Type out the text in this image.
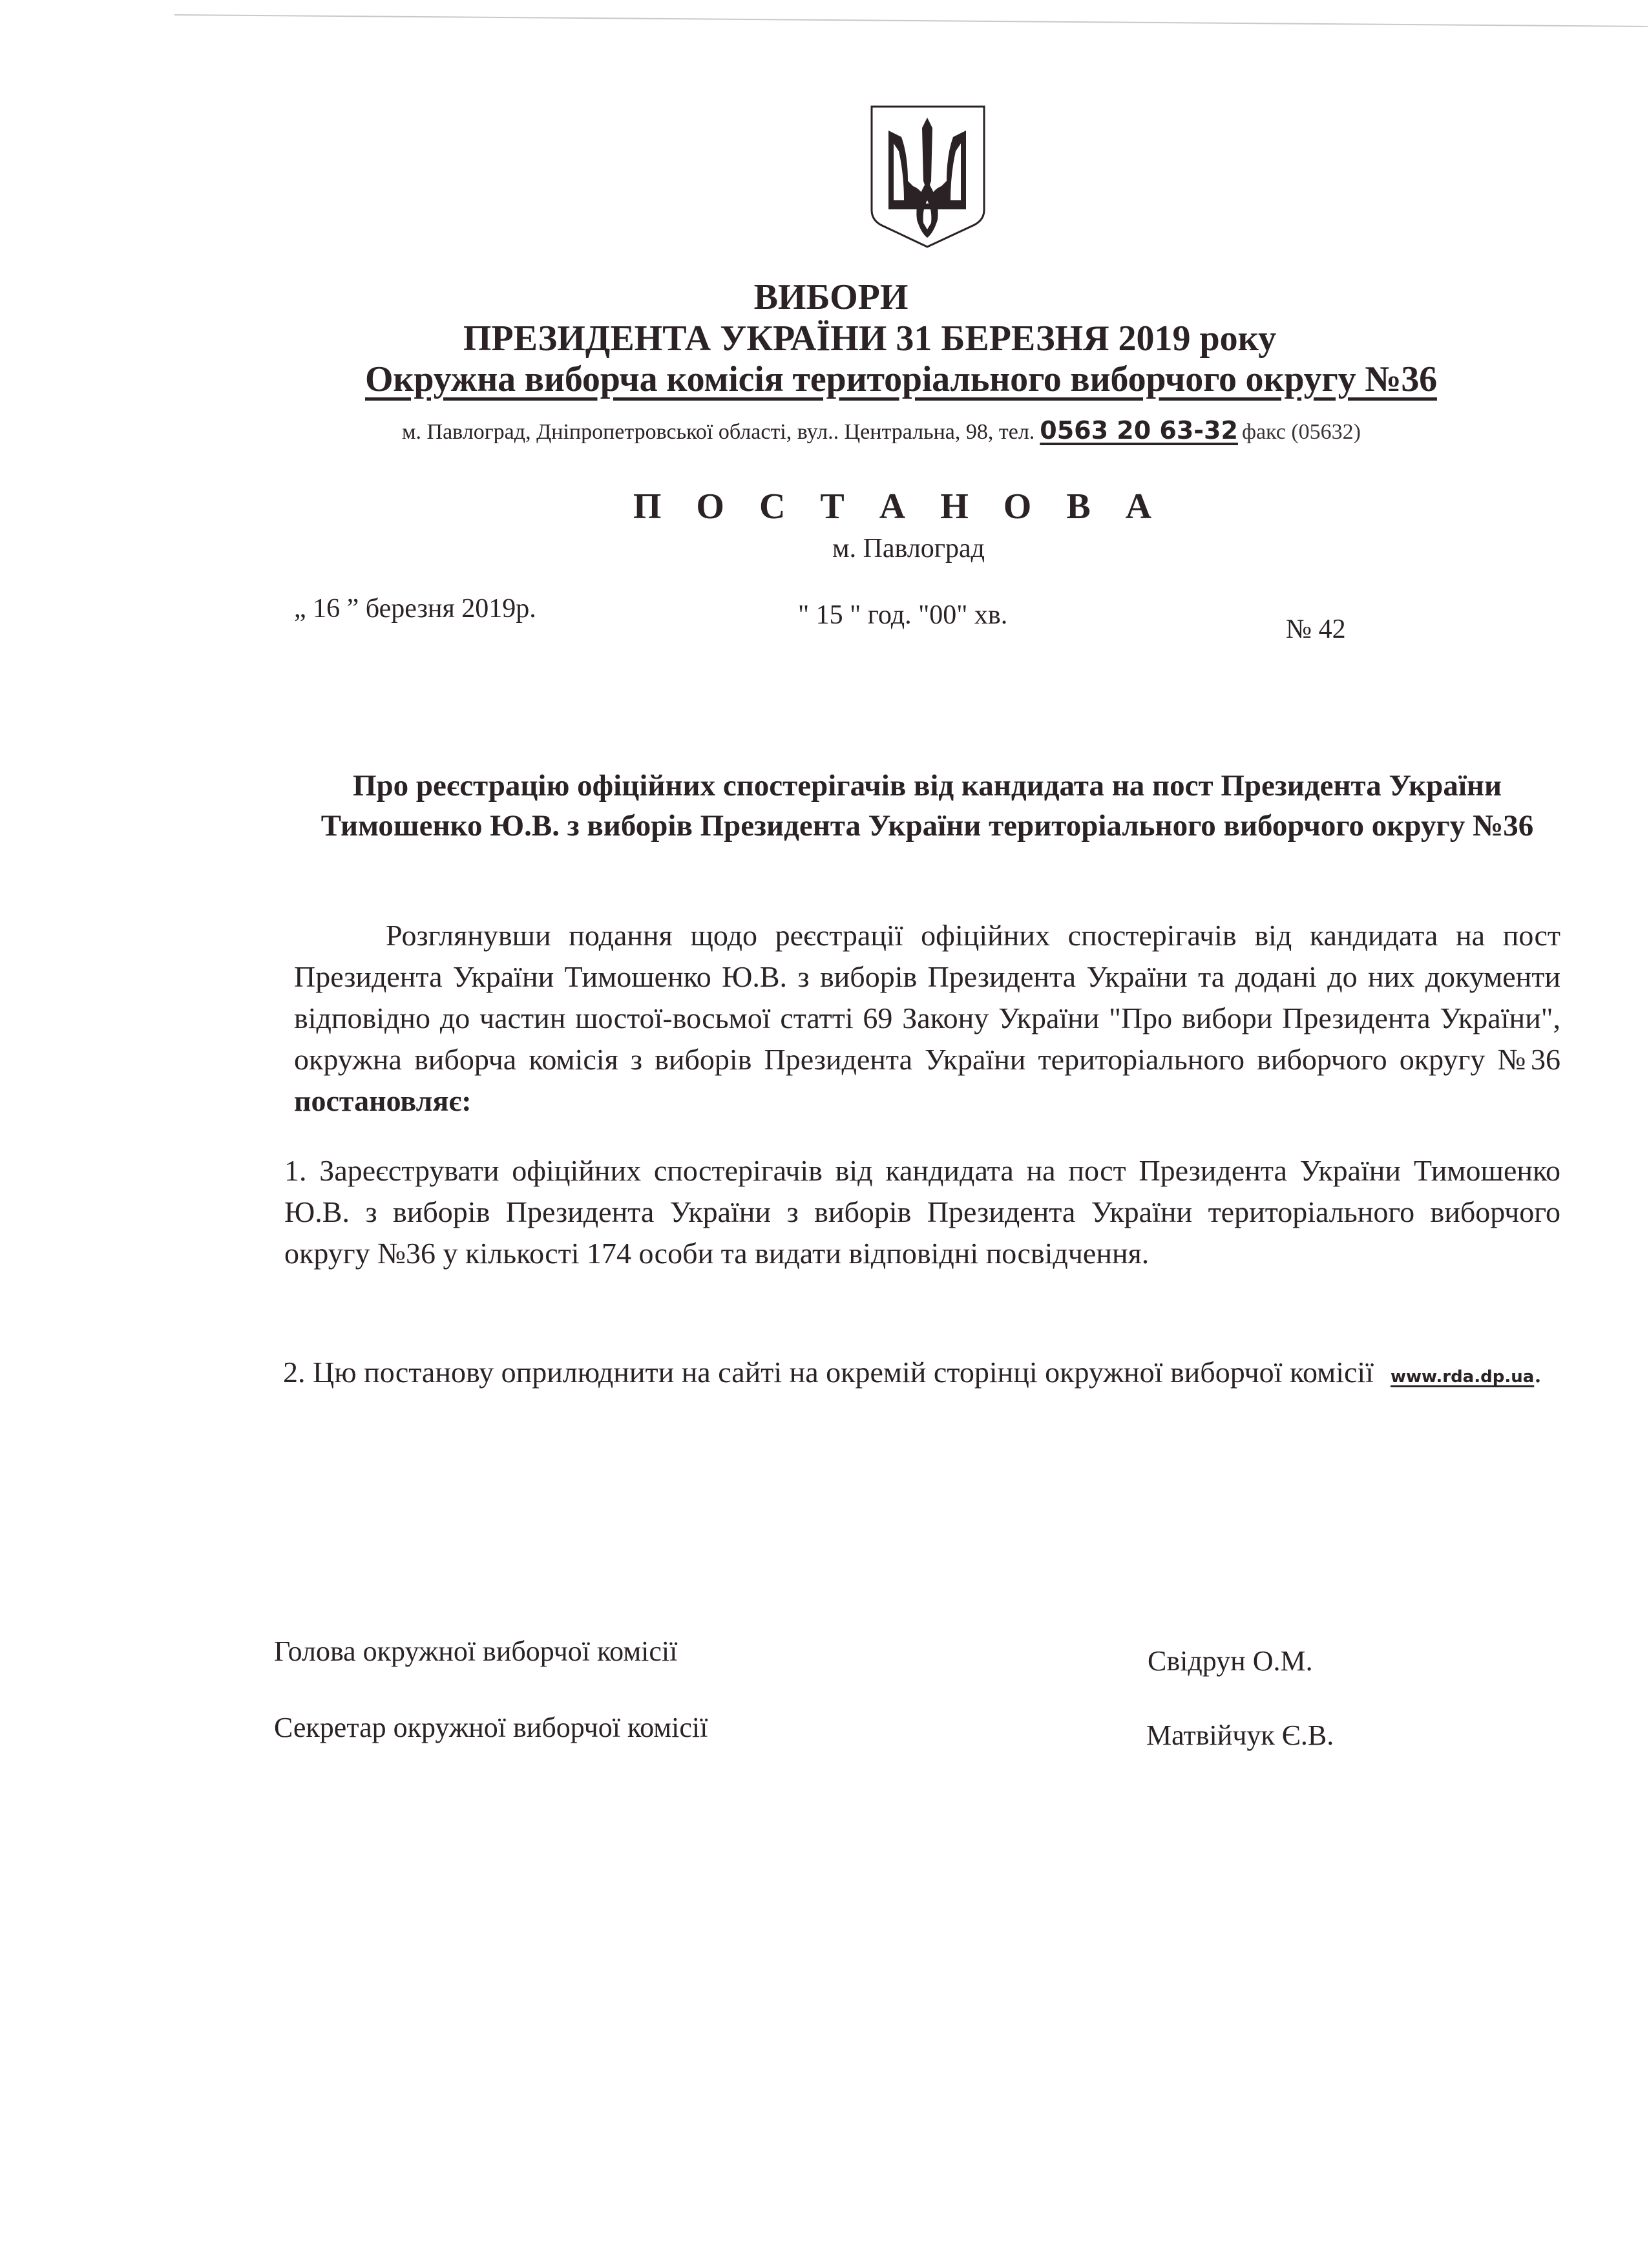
ВИБОРИ
ПРЕЗИДЕНТА УКРАЇНИ 31 БЕРЕЗНЯ 2019 року
Окружна виборча комісія територіального виборчого округу №36
м. Павлоград, Дніпропетровської області, вул.. Центральна, 98, тел. 0563 20 63-32 факс (05632)
П О С Т А Н О В А
м. Павлоград
„ 16 ” березня 2019р.	" 15 " год. "00" хв.	№ 42
Про реєстрацію офіційних спостерігачів від кандидата на пост Президента України Тимошенко Ю.В. з виборів Президента України територіального виборчого округу №36
Розглянувши подання щодо реєстрації офіційних спостерігачів від кандидата на пост Президента України Тимошенко Ю.В. з виборів Президента України та додані до них документи відповідно до частин шостої-восьмої статті 69 Закону України "Про вибори Президента України", окружна виборча комісія з виборів Президента України територіального виборчого округу №36 постановляє:
1. Зареєструвати офіційних спостерігачів від кандидата на пост Президента України Тимошенко Ю.В. з виборів Президента України з виборів Президента України територіального виборчого округу №36 у кількості 174 особи та видати відповідні посвідчення.
2. Цю постанову оприлюднити на сайті на окремій сторінці окружної виборчої комісії www.rda.dp.ua.
Голова окружної виборчої комісії	Свідрун О.М.
Секретар окружної виборчої комісії	Матвійчук Є.В.
